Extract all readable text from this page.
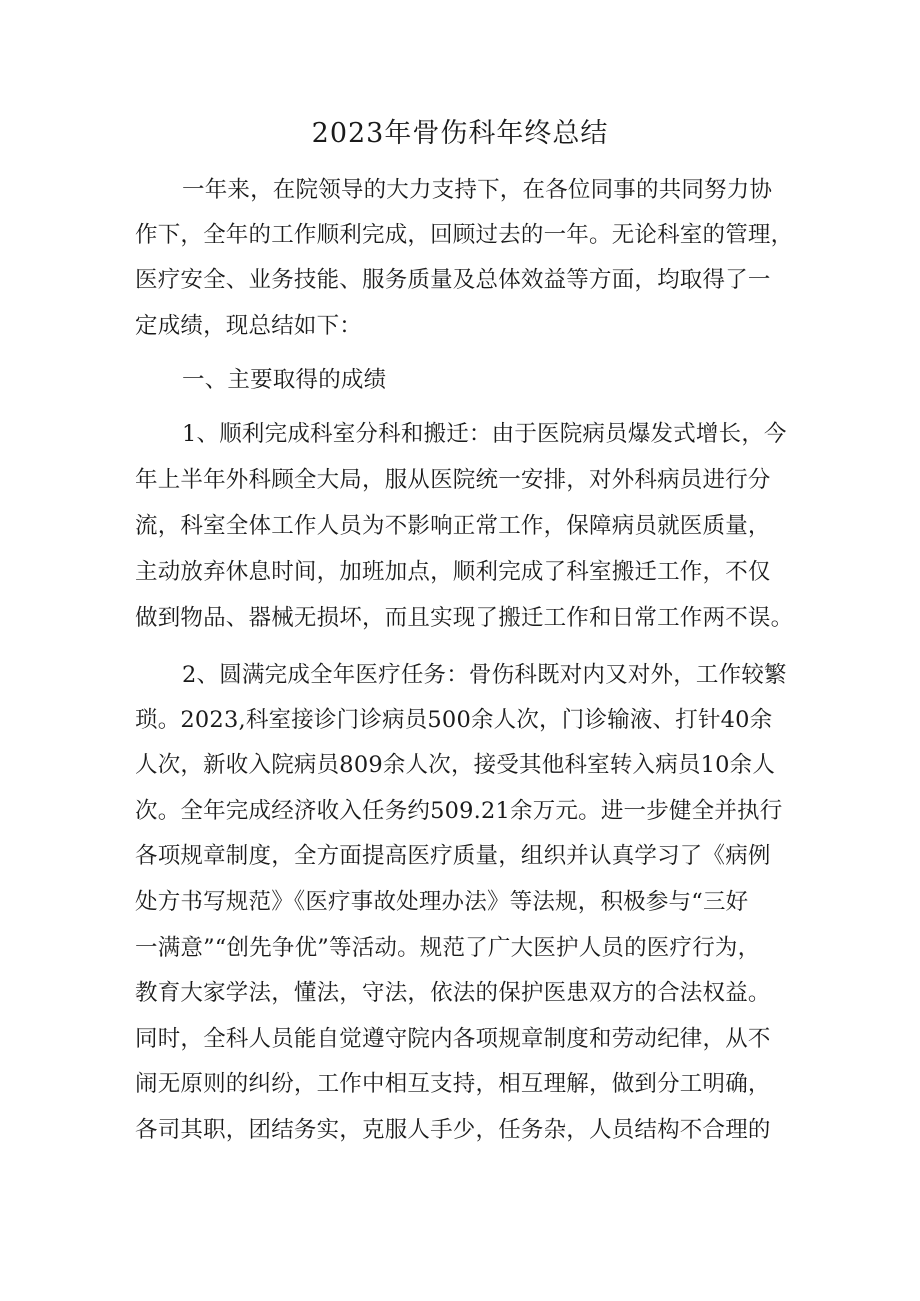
2023年骨伤科年终总结
一年来，在院领导的大力支持下，在各位同事的共同努力协
作下，全年的工作顺利完成，回顾过去的一年。无论科室的管理，
医疗安全、业务技能、服务质量及总体效益等方面，均取得了一
定成绩，现总结如下：
一、主要取得的成绩
1、顺利完成科室分科和搬迁：由于医院病员爆发式增长，今
年上半年外科顾全大局，服从医院统一安排，对外科病员进行分
流，科室全体工作人员为不影响正常工作，保障病员就医质量，
主动放弃休息时间，加班加点，顺利完成了科室搬迁工作，不仅
做到物品、器械无损坏，而且实现了搬迁工作和日常工作两不误。
2、圆满完成全年医疗任务：骨伤科既对内又对外，工作较繁
琐。2023,科室接诊门诊病员500余人次，门诊输液、打针40余
人次，新收入院病员809余人次，接受其他科室转入病员10余人
次。全年完成经济收入任务约509.21余万元。进一步健全并执行
各项规章制度，全方面提高医疗质量，组织并认真学习了《病例
处方书写规范》《医疗事故处理办法》等法规，积极参与“三好
一满意”“创先争优”等活动。规范了广大医护人员的医疗行为，
教育大家学法，懂法，守法，依法的保护医患双方的合法权益。
同时，全科人员能自觉遵守院内各项规章制度和劳动纪律，从不
闹无原则的纠纷，工作中相互支持，相互理解，做到分工明确，
各司其职，团结务实，克服人手少，任务杂，人员结构不合理的
